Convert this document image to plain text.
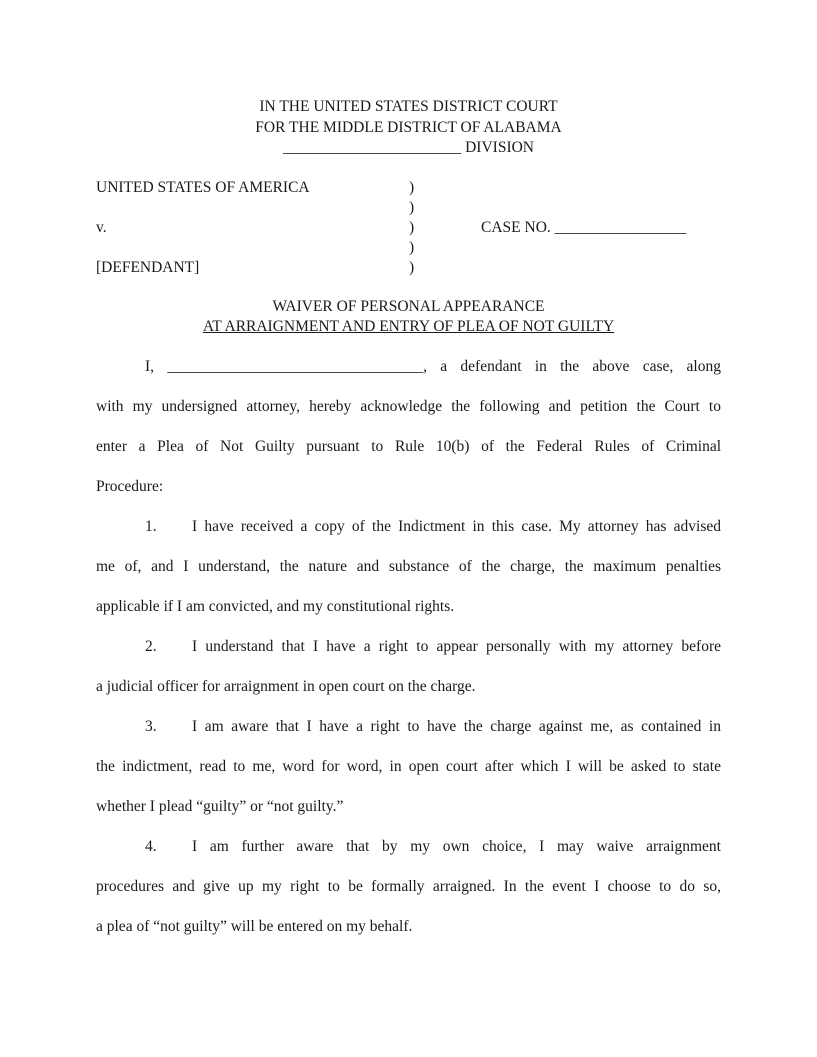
IN THE UNITED STATES DISTRICT COURT
FOR THE MIDDLE DISTRICT OF ALABAMA
_______________________ DIVISION
UNITED STATES OF AMERICA
v.
[DEFENDANT]
)
)
)
)
)
CASE NO. _________________
WAIVER OF PERSONAL APPEARANCE
AT ARRAIGNMENT AND ENTRY OF PLEA OF NOT GUILTY
I, _________________________________, a defendant in the above case, along
with my undersigned attorney, hereby acknowledge the following and petition the Court to
enter a Plea of Not Guilty pursuant to Rule 10(b) of the Federal Rules of Criminal
Procedure:
1. I have received a copy of the Indictment in this case. My attorney has advised
me of, and I understand, the nature and substance of the charge, the maximum penalties
applicable if I am convicted, and my constitutional rights.
2. I understand that I have a right to appear personally with my attorney before
a judicial officer for arraignment in open court on the charge.
3. I am aware that I have a right to have the charge against me, as contained in
the indictment, read to me, word for word, in open court after which I will be asked to state
whether I plead “guilty” or “not guilty.”
4. I am further aware that by my own choice, I may waive arraignment
procedures and give up my right to be formally arraigned. In the event I choose to do so,
a plea of “not guilty” will be entered on my behalf.
